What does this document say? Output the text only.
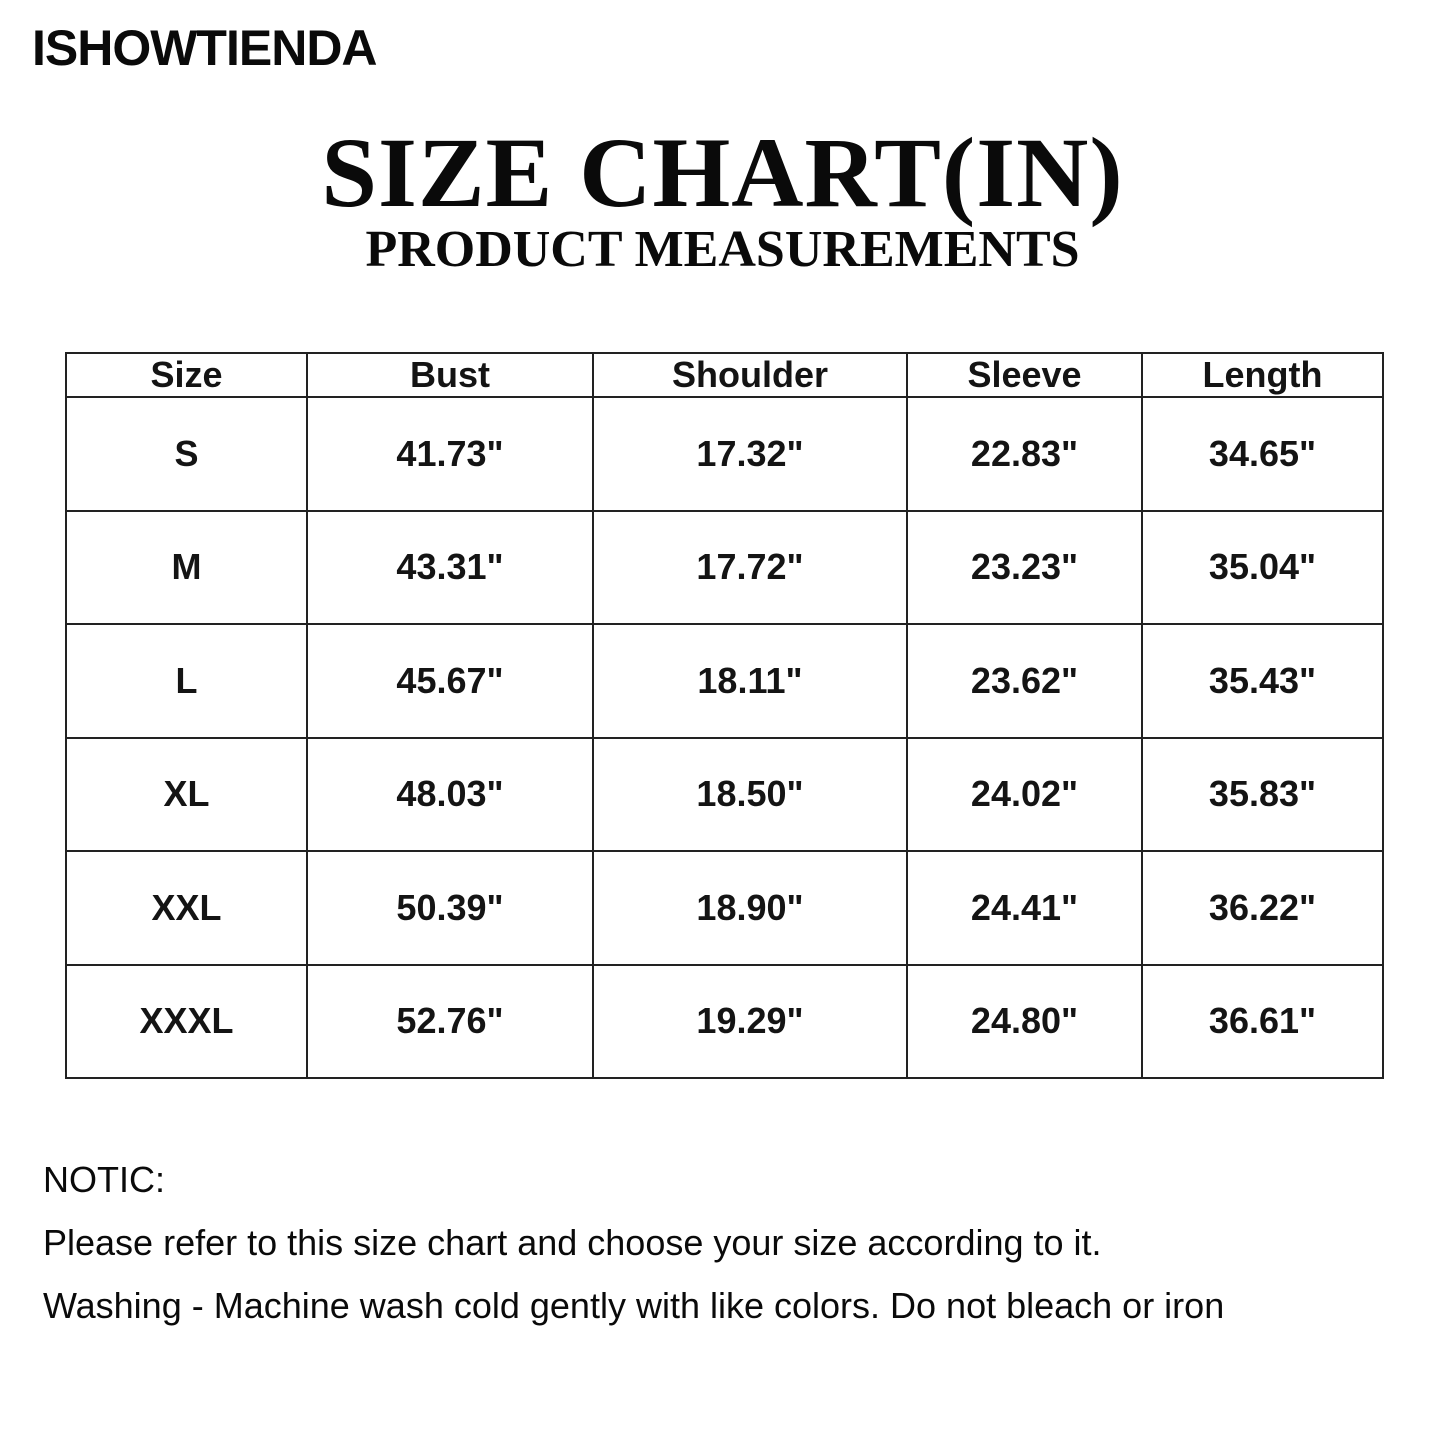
ISHOWTIENDA
SIZE CHART(IN)
PRODUCT MEASUREMENTS
Size	Bust	Shoulder	Sleeve	Length
S	41.73"	17.32"	22.83"	34.65"
M	43.31"	17.72"	23.23"	35.04"
L	45.67"	18.11"	23.62"	35.43"
XL	48.03"	18.50"	24.02"	35.83"
XXL	50.39"	18.90"	24.41"	36.22"
XXXL	52.76"	19.29"	24.80"	36.61"
NOTIC:
Please refer to this size chart and choose your size according to it.
Washing - Machine wash cold gently with like colors. Do not bleach or iron
